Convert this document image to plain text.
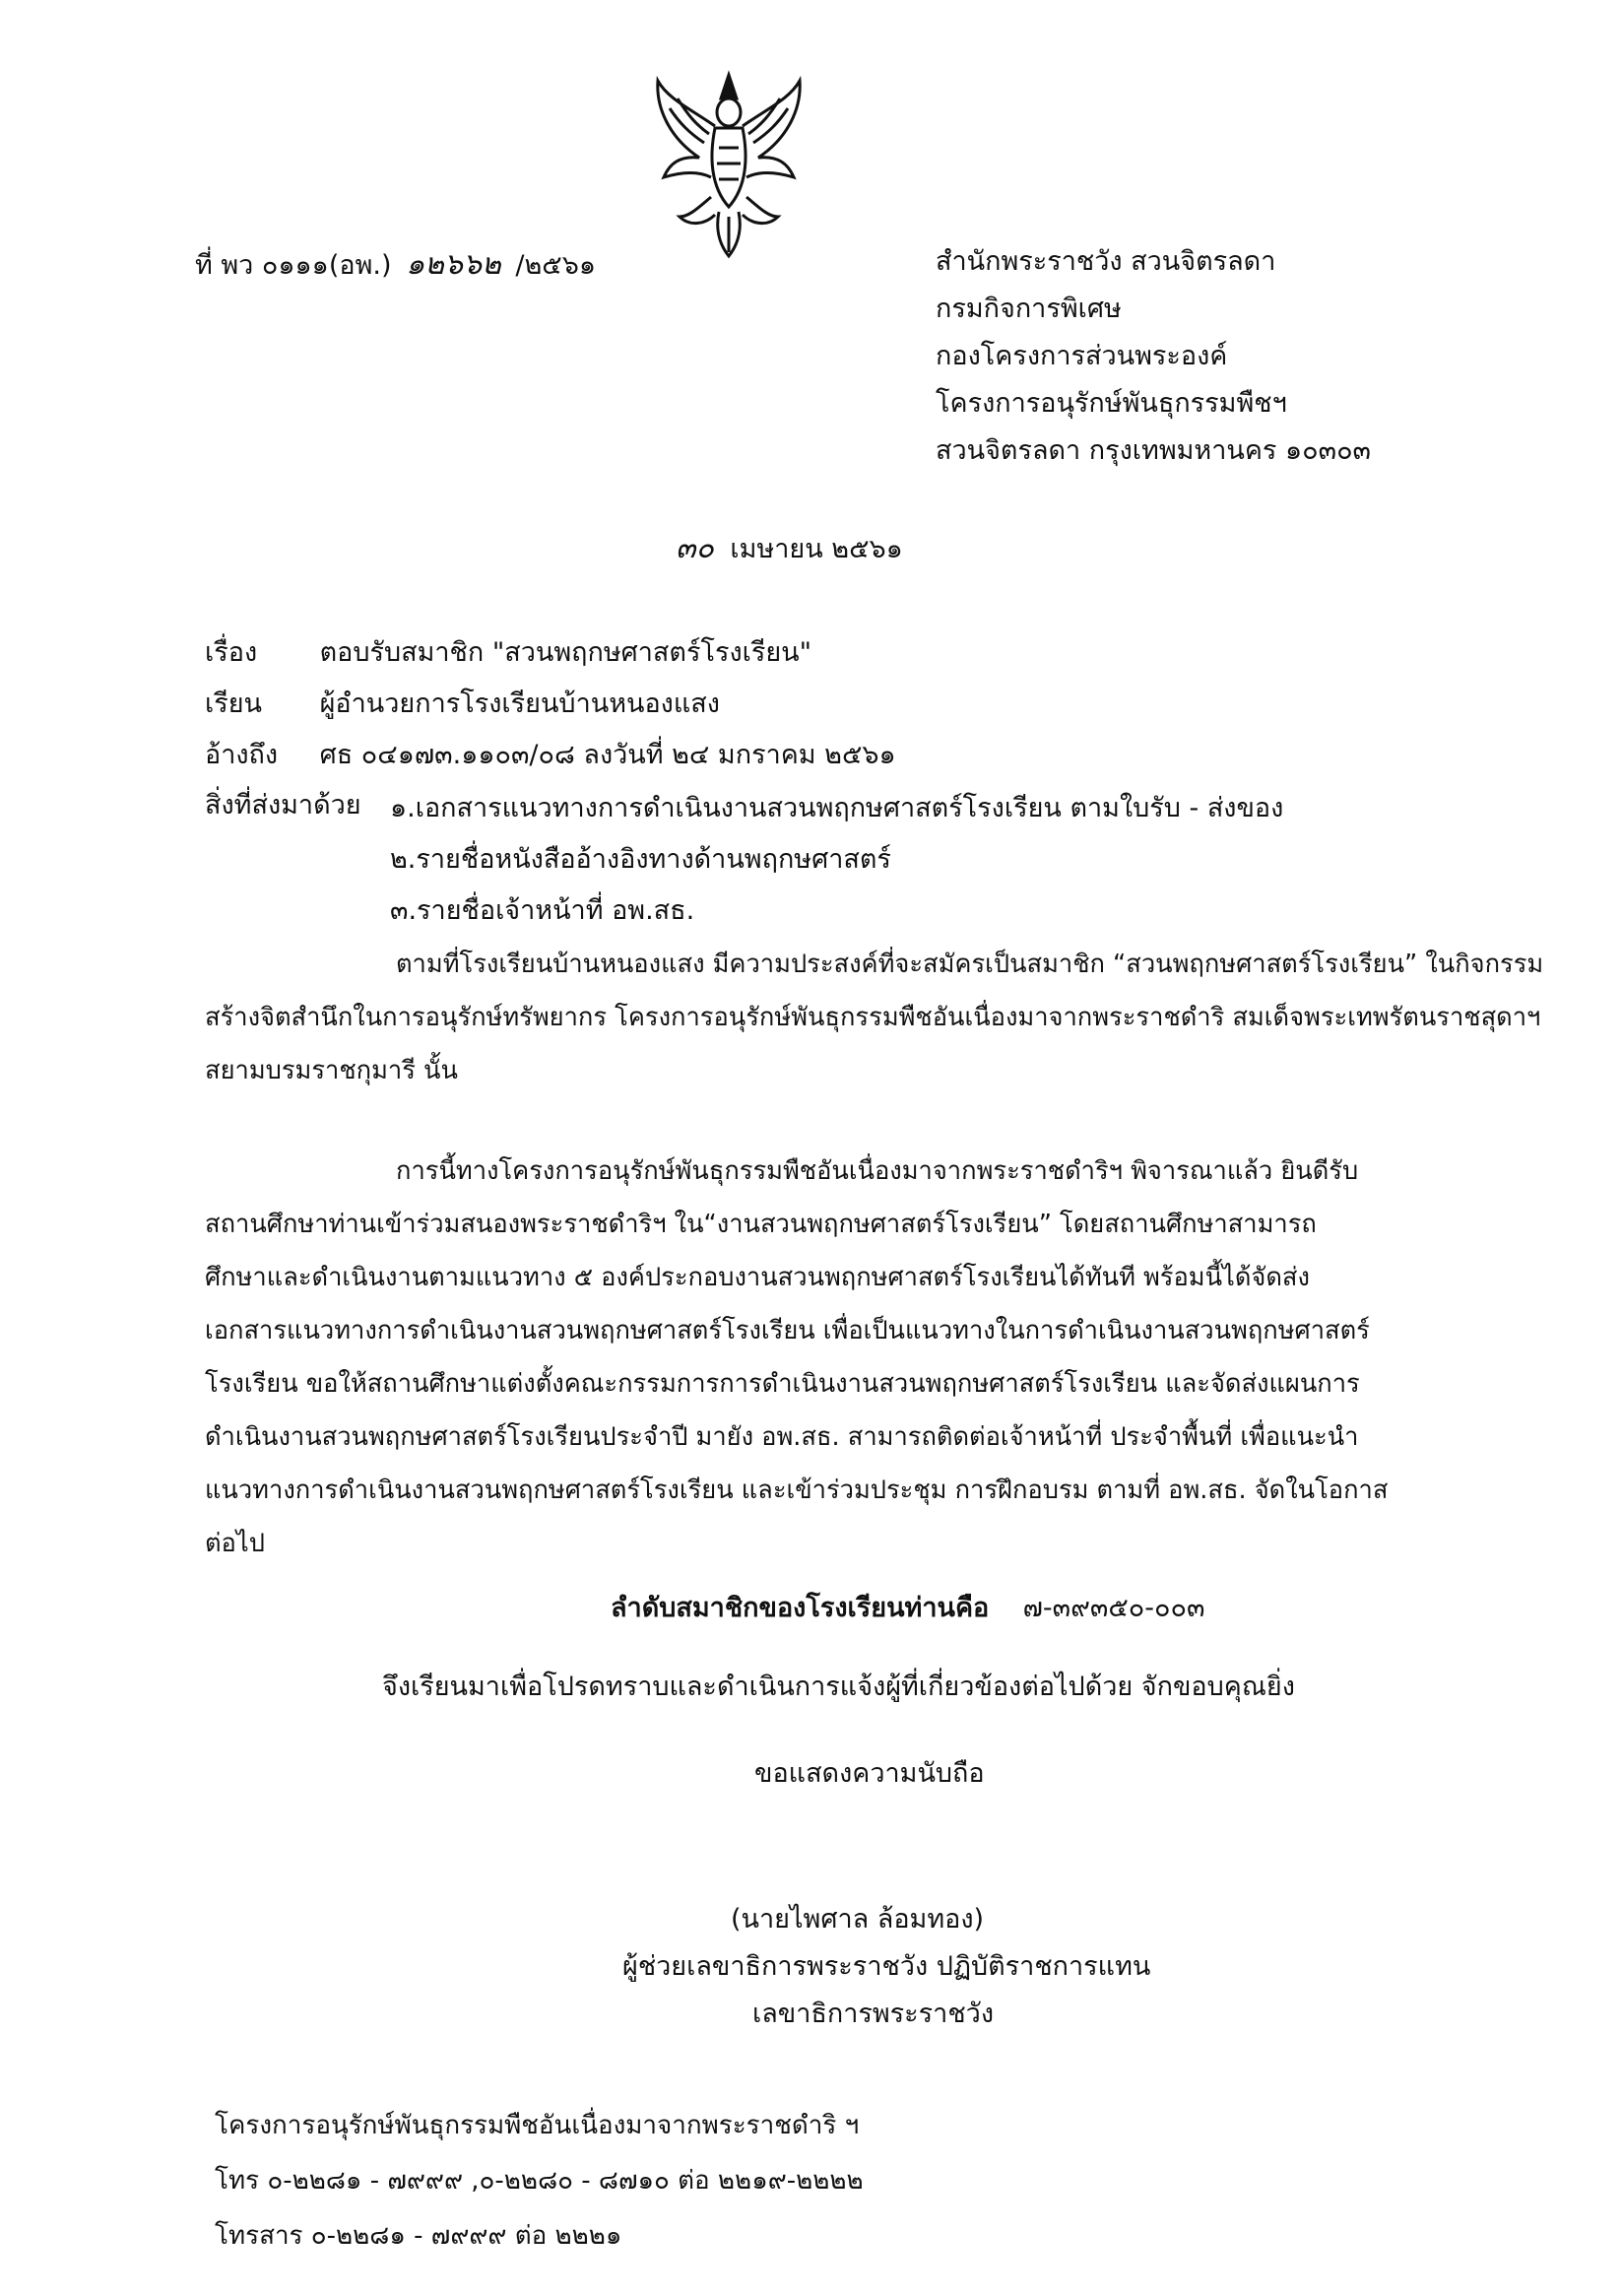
ที่ พว ๐๑๑๑(อพ.) ๑๒๖๖๒ /๒๕๖๑	สำนักพระราชวัง สวนจิตรลดา
กรมกิจการพิเศษ
กองโครงการส่วนพระองค์
โครงการอนุรักษ์พันธุกรรมพืชฯ
สวนจิตรลดา กรุงเทพมหานคร ๑๐๓๐๓
๓๐ เมษายน ๒๕๖๑
เรื่อง ตอบรับสมาชิก "สวนพฤกษศาสตร์โรงเรียน"
เรียน ผู้อำนวยการโรงเรียนบ้านหนองแสง
อ้างถึง ศธ ๐๔๑๗๓.๑๑๐๓/๐๘ ลงวันที่ ๒๔ มกราคม ๒๕๖๑
สิ่งที่ส่งมาด้วย ๑.เอกสารแนวทางการดำเนินงานสวนพฤกษศาสตร์โรงเรียน ตามใบรับ - ส่งของ
๒.รายชื่อหนังสืออ้างอิงทางด้านพฤกษศาสตร์
๓.รายชื่อเจ้าหน้าที่ อพ.สธ.
ตามที่โรงเรียนบ้านหนองแสง มีความประสงค์ที่จะสมัครเป็นสมาชิก “สวนพฤกษศาสตร์โรงเรียน” ในกิจกรรม
สร้างจิตสำนึกในการอนุรักษ์ทรัพยากร โครงการอนุรักษ์พันธุกรรมพืชอันเนื่องมาจากพระราชดำริ สมเด็จพระเทพรัตนราชสุดาฯ
สยามบรมราชกุมารี นั้น
การนี้ทางโครงการอนุรักษ์พันธุกรรมพืชอันเนื่องมาจากพระราชดำริฯ พิจารณาแล้ว ยินดีรับ
สถานศึกษาท่านเข้าร่วมสนองพระราชดำริฯ ใน“งานสวนพฤกษศาสตร์โรงเรียน” โดยสถานศึกษาสามารถ
ศึกษาและดำเนินงานตามแนวทาง ๕ องค์ประกอบงานสวนพฤกษศาสตร์โรงเรียนได้ทันที พร้อมนี้ได้จัดส่ง
เอกสารแนวทางการดำเนินงานสวนพฤกษศาสตร์โรงเรียน เพื่อเป็นแนวทางในการดำเนินงานสวนพฤกษศาสตร์
โรงเรียน ขอให้สถานศึกษาแต่งตั้งคณะกรรมการการดำเนินงานสวนพฤกษศาสตร์โรงเรียน และจัดส่งแผนการ
ดำเนินงานสวนพฤกษศาสตร์โรงเรียนประจำปี มายัง อพ.สธ. สามารถติดต่อเจ้าหน้าที่ ประจำพื้นที่ เพื่อแนะนำ
แนวทางการดำเนินงานสวนพฤกษศาสตร์โรงเรียน และเข้าร่วมประชุม การฝึกอบรม ตามที่ อพ.สธ. จัดในโอกาส
ต่อไป
ลำดับสมาชิกของโรงเรียนท่านคือ ๗-๓๙๓๕๐-๐๐๓
จึงเรียนมาเพื่อโปรดทราบและดำเนินการแจ้งผู้ที่เกี่ยวข้องต่อไปด้วย จักขอบคุณยิ่ง
ขอแสดงความนับถือ
(นายไพศาล ล้อมทอง)
ผู้ช่วยเลขาธิการพระราชวัง ปฏิบัติราชการแทน
เลขาธิการพระราชวัง
โครงการอนุรักษ์พันธุกรรมพืชอันเนื่องมาจากพระราชดำริ ฯ
โทร ๐-๒๒๘๑ - ๗๙๙๙ ,๐-๒๒๘๐ - ๘๗๑๐ ต่อ ๒๒๑๙-๒๒๒๒
โทรสาร ๐-๒๒๘๑ - ๗๙๙๙ ต่อ ๒๒๒๑
